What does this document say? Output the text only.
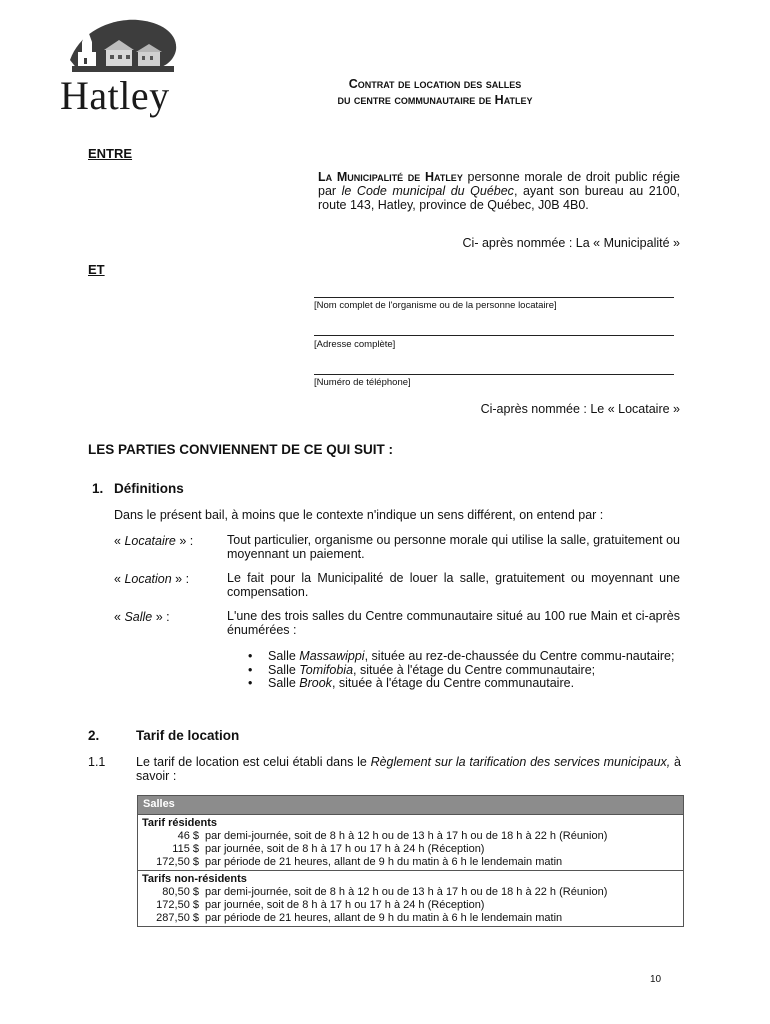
Hatley	Contrat de location des salles
du centre communautaire de Hatley
ENTRE
La Municipalité de Hatley personne morale de droit public régie par le Code municipal du Québec, ayant son bureau au 2100, route 143, Hatley, province de Québec, J0B 4B0.
Ci- après nommée : La « Municipalité »
ET
[Nom complet de l'organisme ou de la personne locataire]
[Adresse complète]
[Numéro de téléphone]
Ci-après nommée : Le « Locataire »
LES PARTIES CONVIENNENT DE CE QUI SUIT :
1. Définitions
Dans le présent bail, à moins que le contexte n'indique un sens différent, on entend par :
« Locataire » :	Tout particulier, organisme ou personne morale qui utilise la salle, gratuitement ou moyennant un paiement.
« Location » :	Le fait pour la Municipalité de louer la salle, gratuitement ou moyennant une compensation.
« Salle » :	L'une des trois salles du Centre communautaire situé au 100 rue Main et ci-après énumérées :
• Salle Massawippi, située au rez-de-chaussée du Centre commu-nautaire;
• Salle Tomifobia, située à l'étage du Centre communautaire;
• Salle Brook, située à l'étage du Centre communautaire.
2.	Tarif de location
1.1 Le tarif de location est celui établi dans le Règlement sur la tarification des services municipaux, à savoir :
Salles
Tarif résidents
46 $ par demi-journée, soit de 8 h à 12 h ou de 13 h à 17 h ou de 18 h à 22 h (Réunion)
115 $ par journée, soit de 8 h à 17 h ou 17 h à 24 h (Réception)
172,50 $ par période de 21 heures, allant de 9 h du matin à 6 h le lendemain matin
Tarifs non-résidents
80,50 $ par demi-journée, soit de 8 h à 12 h ou de 13 h à 17 h ou de 18 h à 22 h (Réunion)
172,50 $ par journée, soit de 8 h à 17 h ou 17 h à 24 h (Réception)
287,50 $ par période de 21 heures, allant de 9 h du matin à 6 h le lendemain matin
10
